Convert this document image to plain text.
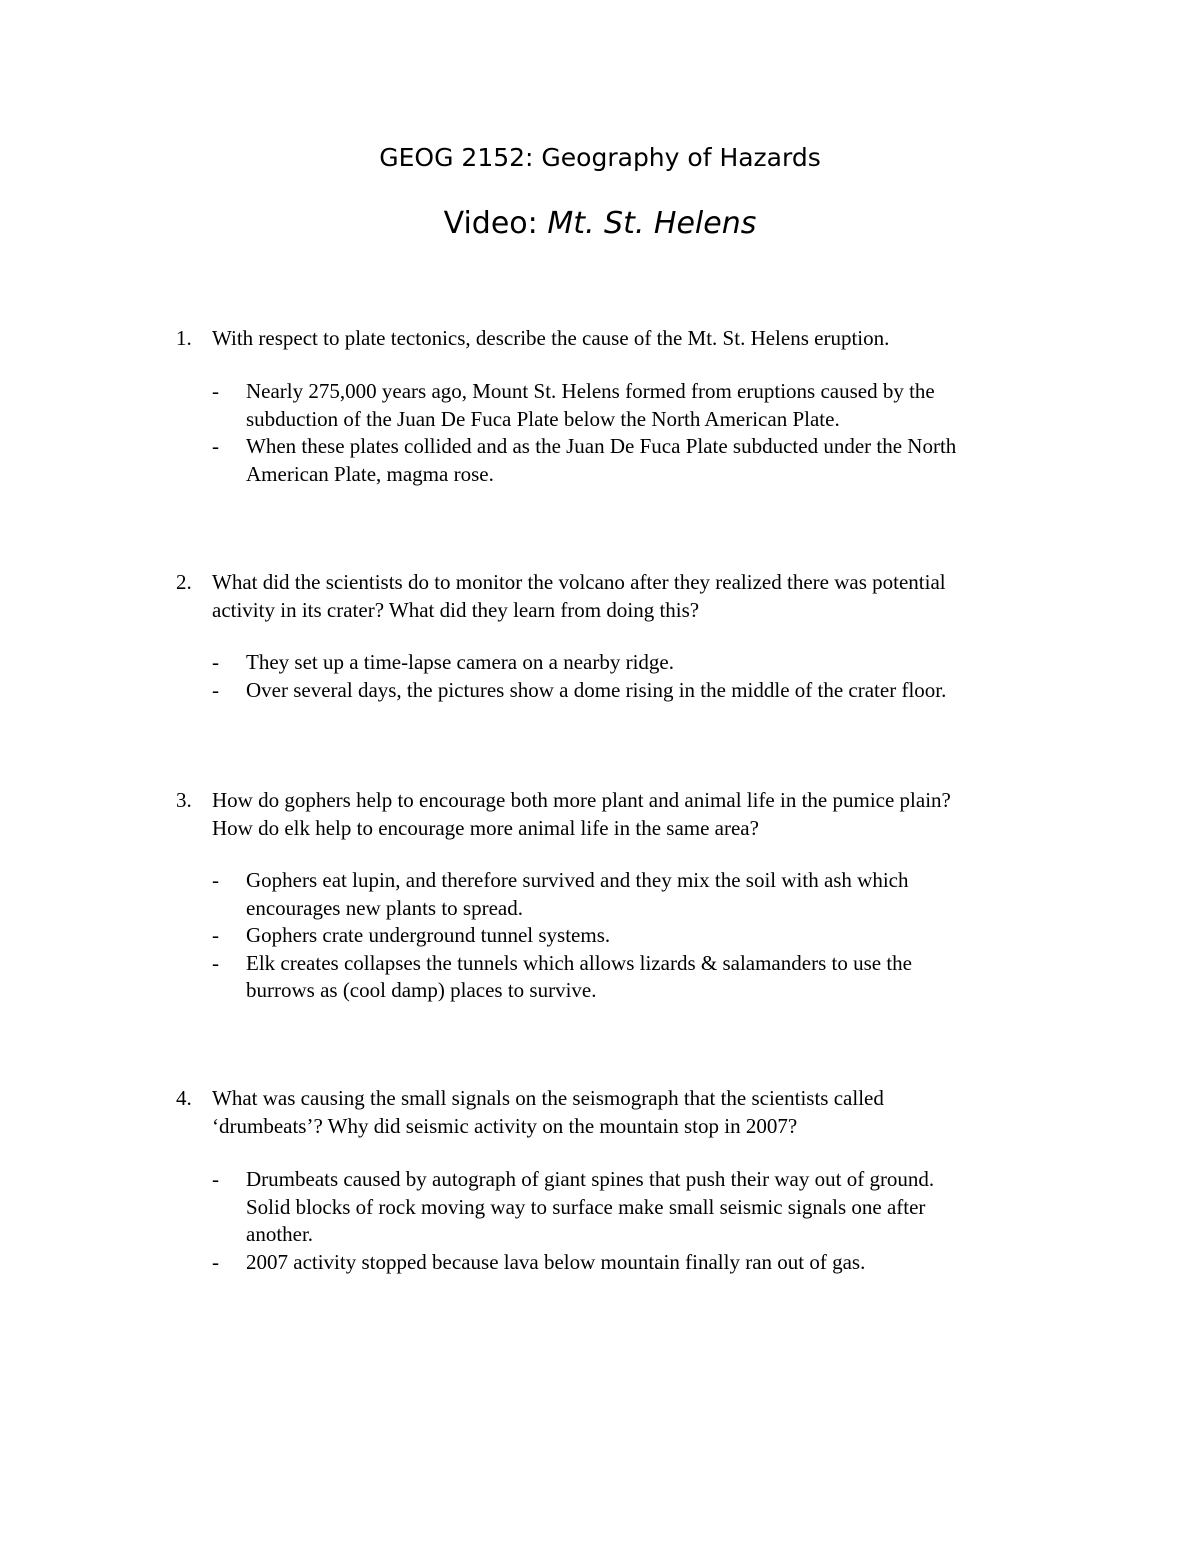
GEOG 2152: Geography of Hazards
Video: Mt. St. Helens
1. With respect to plate tectonics, describe the cause of the Mt. St. Helens eruption.
- Nearly 275,000 years ago, Mount St. Helens formed from eruptions caused by the
subduction of the Juan De Fuca Plate below the North American Plate.
- When these plates collided and as the Juan De Fuca Plate subducted under the North
American Plate, magma rose.
2. What did the scientists do to monitor the volcano after they realized there was potential
activity in its crater? What did they learn from doing this?
- They set up a time-lapse camera on a nearby ridge.
- Over several days, the pictures show a dome rising in the middle of the crater floor.
3. How do gophers help to encourage both more plant and animal life in the pumice plain?
How do elk help to encourage more animal life in the same area?
- Gophers eat lupin, and therefore survived and they mix the soil with ash which
encourages new plants to spread.
- Gophers crate underground tunnel systems.
- Elk creates collapses the tunnels which allows lizards & salamanders to use the
burrows as (cool damp) places to survive.
4. What was causing the small signals on the seismograph that the scientists called
‘drumbeats’? Why did seismic activity on the mountain stop in 2007?
- Drumbeats caused by autograph of giant spines that push their way out of ground.
Solid blocks of rock moving way to surface make small seismic signals one after
another.
- 2007 activity stopped because lava below mountain finally ran out of gas.
